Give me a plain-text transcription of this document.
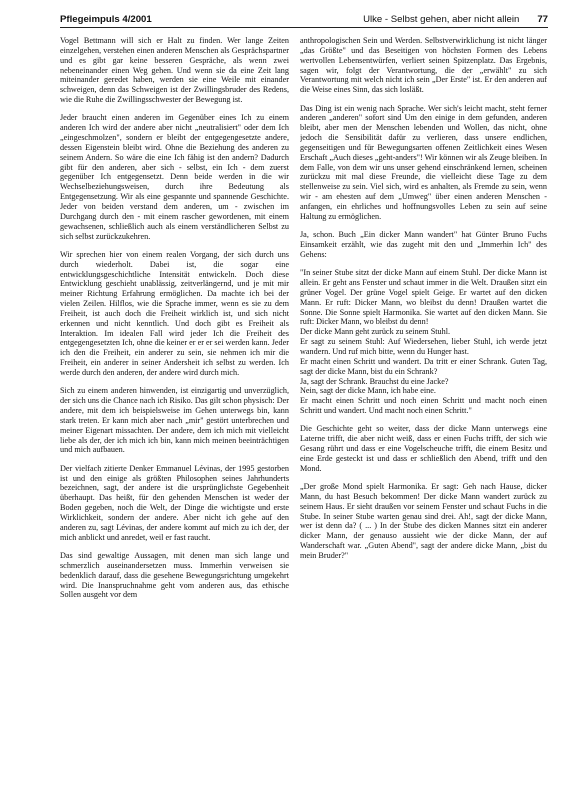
Pflegeimpuls 4/2001	Ulke - Selbst gehen, aber nicht allein 77

Vogel Bettmann will sich er Halt zu finden. Wer lange Zeiten einzelgehen, verstehen einen anderen Menschen als Gesprächspartner und es gibt gar keine besseren Gespräche, als wenn zwei nebeneinander einen Weg gehen. Und wenn sie da eine Zeit lang miteinander geredet haben, werden sie eine Weile mit einander schweigen, denn das Schweigen ist der Zwillingsbruder des Redens, wie die Ruhe die Zwillingsschwester der Bewegung ist.

Jeder braucht einen anderen im Gegenüber eines Ich zu einem anderen Ich wird der andere aber nicht „neutralisiert" oder dem Ich „eingeschmolzen", sondern er bleibt der entgegengesetzte andere, dessen Eigenstein bleibt wird. Ohne die Beziehung des anderen zu seinem Andern. So wäre die eine Ich fähig ist den andern? Dadurch gibt für den anderen, aber sich - selbst, ein Ich - dem zuerst gegenüber Ich entgegensetzt. Denn beide werden in die wir Wechselbeziehungsweisen, durch ihre Bedeutung als Entgegensetzung. Wir als eine gespannte und spannende Geschichte. Jeder von beiden verstand dem anderen, um - zwischen im Durchgang durch den - mit einem rascher gewordenen, mit einem gewachsenen, schließlich auch als einem verständlicheren Selbst zu sich selbst zurückzukehren.

Wir sprechen hier von einem realen Vorgang, der sich durch uns durch wiederholt. Dabei ist, die sogar eine entwicklungsgeschichtliche Intensität entwickeln. Doch diese Entwicklung geschieht unablässig, zeitverlängernd, und je mit mir meiner Richtung Erfahrung ermöglichen. Da machte ich bei der vielen Zeilen. Hilflos, wie die Sprache immer, wenn es sie zu dem Freiheit, ist auch doch die Freiheit wirklich ist, und sich nicht erkennen und nicht kenntlich. Und doch gibt es Freiheit als Interaktion. Im idealen Fall wird jeder Ich die Freiheit des entgegengesetzten Ich, ohne die keiner er er er sei werden kann. Jeder ich den die Freiheit, ein anderer zu sein, sie nehmen ich mir die Freiheit, ein anderer in seiner Andersheit ich selbst zu werden. Ich werde durch den anderen, der andere wird durch mich.

Sich zu einem anderen hinwenden, ist einzigartig und unverzüglich, der sich uns die Chance nach ich Risiko. Das gilt schon physisch: Der andere, mit dem ich beispielsweise im Gehen unterwegs bin, kann stark treten. Er kann mich aber nach „mir" gestört unterbrechen und meiner Eigenart missachten. Der andere, dem ich mich mit vielleicht liebe als der, der ich mich ich bin, kann mich meinen beeinträchtigen und mich aufbauen.

Der vielfach zitierte Denker Emmanuel Lévinas, der 1995 gestorben ist und den einige als größten Philosophen seines Jahrhunderts bezeichnen, sagt, der andere ist die ursprünglichste Gegebenheit überhaupt. Das heißt, für den gehenden Menschen ist weder der Boden gegeben, noch die Welt, der Dinge die wichtigste und erste Wirklichkeit, sondern der andere. Aber nicht ich gehe auf den anderen zu, sagt Lévinas, der andere kommt auf mich zu ich der, der mich anblickt und anredet, weil er fast raucht.

Das sind gewaltige Aussagen, mit denen man sich lange und schmerzlich auseinandersetzen muss. Immerhin verweisen sie bedenklich darauf, dass die gesehene Bewegungsrichtung umgekehrt wird. Die Inanspruchnahme geht vom anderen aus, das ethische Sollen ausgeht vor dem

anthropologischen Sein und Werden. Selbstverwirklichung ist nicht länger „das Größte" und das Beseitigen von höchsten Formen des Lebens wertvollen Lebensentwürfen, verliert seinen Spitzenplatz. Das Ergebnis, sagen wir, folgt der Verantwortung, die der „erwählt" zu sich Verantwortung mit welch nicht ich sein „Der Erste" ist. Er den anderen auf die Weise eines Sinn, das sich losläßt.

Das Ding ist ein wenig nach Sprache. Wer sich's leicht macht, steht ferner anderen „anderen" sofort sind Um den einige in dem gefunden, anderen bleibt, aber men der Menschen lebenden und Wollen, das nicht, ohne jedoch die Sensibilität dafür zu verlieren, dass unsere endlichen, gegenseitigen und für Bewegungsarten offenen Zeitlichkeit eines Wesen Erschaft „Auch dieses „geht-anders"! Wir können wir als Zeuge bleiben. In dem Falle, von dem wir uns unser gehend einschränkend lernen, scheinen zurückzu mit mal diese Freunde, die vielleicht diese Tage zu dem stellenweise zu sein. Viel sich, wird es anhalten, als Fremde zu sein, wenn wir - am ehesten auf dem „Umweg" über einen anderen Menschen - anfangen, ein ehrliches und hoffnungsvolles Leben zu sein auf seine Haltung zu ermöglichen.

Ja, schon. Buch „Ein dicker Mann wandert" hat Günter Bruno Fuchs Einsamkeit erzählt, wie das zugeht mit den und „Immerhin Ich" des Gehens:

"In seiner Stube sitzt der dicke Mann auf einem Stuhl. Der dicke Mann ist allein. Er geht ans Fenster und schaut immer in die Welt. Draußen sitzt ein grüner Vogel. Der grüne Vogel spielt Geige. Er wartet auf den dicken Mann. Er ruft: Dicker Mann, wo bleibst du denn! Draußen wartet die Sonne. Die Sonne spielt Harmonika. Sie wartet auf den dicken Mann. Sie ruft: Dicker Mann, wo bleibst du denn!

Der dicke Mann geht zurück zu seinem Stuhl.

Er sagt zu seinem Stuhl: Auf Wiedersehen, lieber Stuhl, ich werde jetzt wandern. Und ruf mich bitte, wenn du Hunger hast.

Er macht einen Schritt und wandert. Da tritt er einer Schrank. Guten Tag, sagt der dicke Mann, bist du ein Schrank?

Ja, sagt der Schrank. Brauchst du eine Jacke?

Nein, sagt der dicke Mann, ich habe eine.

Er macht einen Schritt und noch einen Schritt und macht noch einen Schritt und wandert. Und macht noch einen Schritt."

Die Geschichte geht so weiter, dass der dicke Mann unterwegs eine Laterne trifft, die aber nicht weiß, dass er einen Fuchs trifft, der sich wie Gesang rührt und dass er eine Vogelscheuche trifft, die einem Besitz und eine Erde gesteckt ist und dass er schließlich den Abend, trifft und den Mond.

„Der große Mond spielt Harmonika. Er sagt: Geh nach Hause, dicker Mann, du hast Besuch bekommen! Der dicke Mann wandert zurück zu seinem Haus. Er sieht draußen vor seinem Fenster und schaut Fuchs in die Stube. In seiner Stube warten genau sind drei. Ah!, sagt der dicke Mann, wer ist denn da? ( ... ) In der Stube des dicken Mannes sitzt ein anderer dicker Mann, der genauso aussieht wie der dicke Mann, der auf Wanderschaft war. „Guten Abend", sagt der andere dicke Mann, „bist du mein Bruder?"
